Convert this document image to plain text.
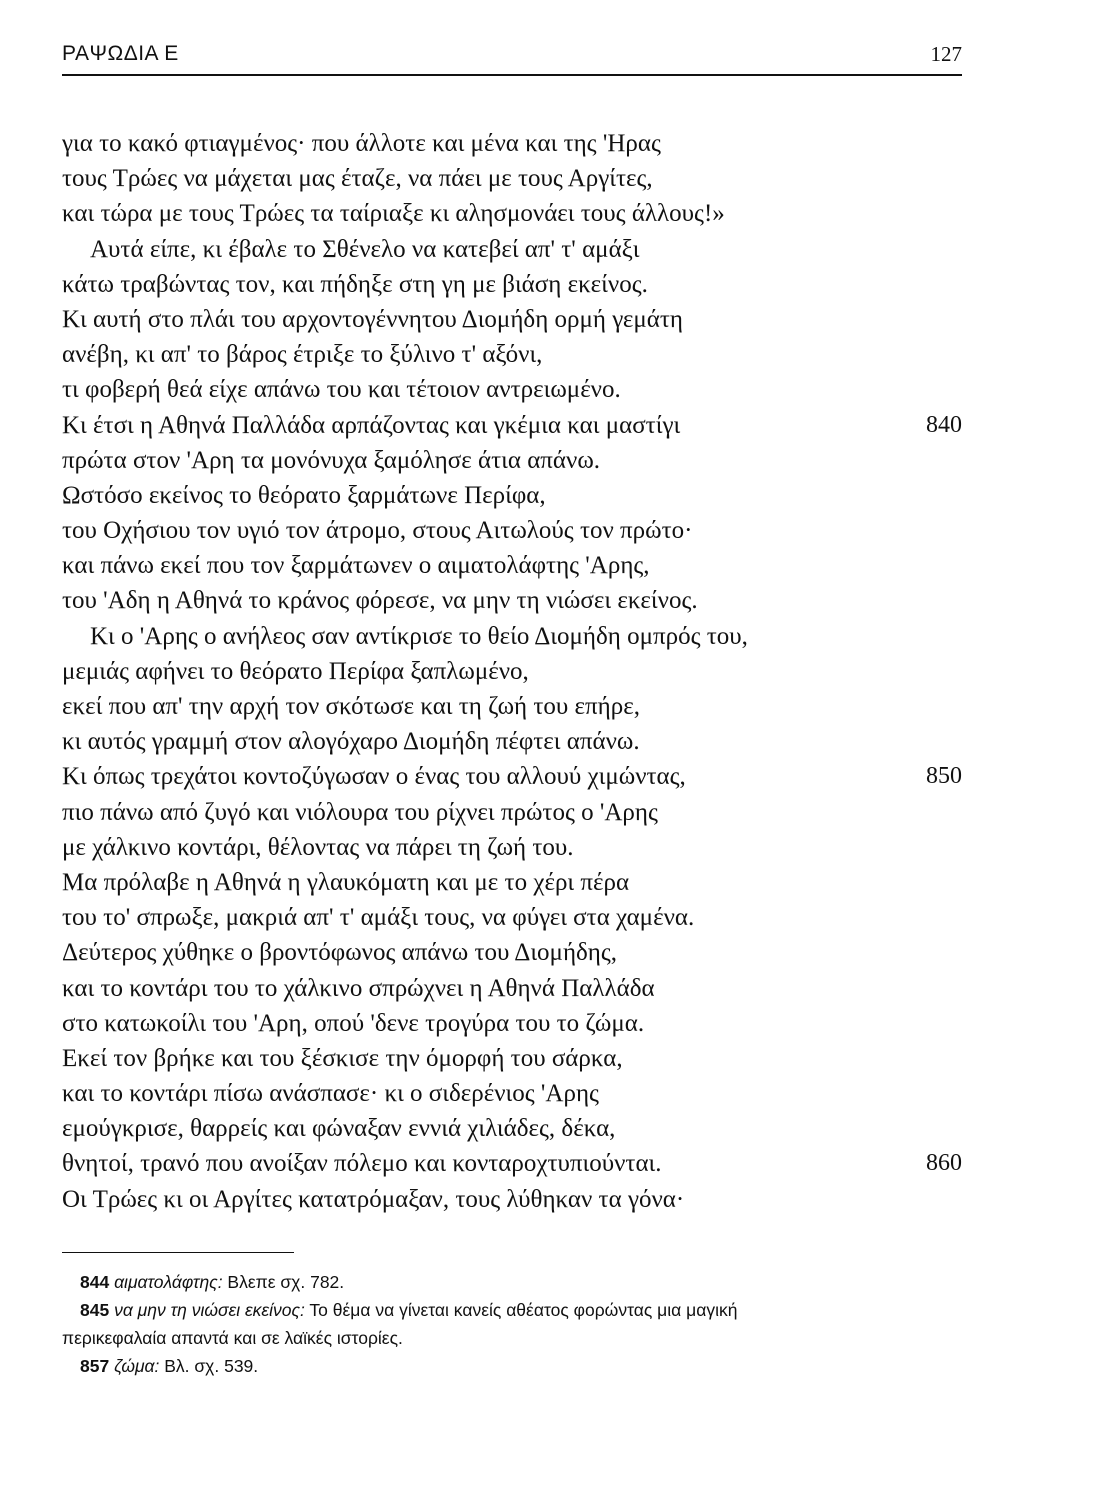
ΡΑΨΩΔΙΑ Ε	127
για το κακό φτιαγμένος· που άλλοτε και μένα και της 'Ηρας
τους Τρώες να μάχεται μας έταζε, να πάει με τους Αργίτες,
και τώρα με τους Τρώες τα ταίριαξε κι αλησμονάει τους άλλους!»
Αυτά είπε, κι έβαλε το Σθένελο να κατεβεί απ' τ' αμάξι
κάτω τραβώντας τον, και πήδηξε στη γη με βιάση εκείνος.
Κι αυτή στο πλάι του αρχοντογέννητου Διομήδη ορμή γεμάτη
ανέβη, κι απ' το βάρος έτριξε το ξύλινο τ' αξόνι,
τι φοβερή θεά είχε απάνω του και τέτοιον αντρειωμένο.
Κι έτσι η Αθηνά Παλλάδα αρπάζοντας και γκέμια και μαστίγι	840
πρώτα στον 'Αρη τα μονόνυχα ξαμόλησε άτια απάνω.
Ωστόσο εκείνος το θεόρατο ξαρμάτωνε Περίφα,
του Οχήσιου τον υγιό τον άτρομο, στους Αιτωλούς τον πρώτο·
και πάνω εκεί που τον ξαρμάτωνεν ο αιματολάφτης 'Αρης,
του 'Αδη η Αθηνά το κράνος φόρεσε, να μην τη νιώσει εκείνος.
Κι ο 'Αρης ο ανήλεος σαν αντίκρισε το θείο Διομήδη ομπρός του,
μεμιάς αφήνει το θεόρατο Περίφα ξαπλωμένο,
εκεί που απ' την αρχή τον σκότωσε και τη ζωή του επήρε,
κι αυτός γραμμή στον αλογόχαρο Διομήδη πέφτει απάνω.
Κι όπως τρεχάτοι κοντοζύγωσαν ο ένας του αλλουύ χιμώντας,	850
πιο πάνω από ζυγό και νιόλουρα του ρίχνει πρώτος ο 'Αρης
με χάλκινο κοντάρι, θέλοντας να πάρει τη ζωή του.
Μα πρόλαβε η Αθηνά η γλαυκόματη και με το χέρι πέρα
του το' σπρωξε, μακριά απ' τ' αμάξι τους, να φύγει στα χαμένα.
Δεύτερος χύθηκε ο βροντόφωνος απάνω του Διομήδης,
και το κοντάρι του το χάλκινο σπρώχνει η Αθηνά Παλλάδα
στο κατωκοίλι του 'Αρη, οπού 'δενε τρογύρα του το ζώμα.
Εκεί τον βρήκε και του ξέσκισε την όμορφή του σάρκα,
και το κοντάρι πίσω ανάσπασε· κι ο σιδερένιος 'Αρης
εμούγκρισε, θαρρείς και φώναξαν εννιά χιλιάδες, δέκα,
θνητοί, τρανό που ανοίξαν πόλεμο και κονταροχτυπιούνται.	860
Οι Τρώες κι οι Αργίτες κατατρόμαξαν, τους λύθηκαν τα γόνα·
844 αιματολάφτης: Βλεπε σχ. 782.
845 να μην τη νιώσει εκείνος: Το θέμα να γίνεται κανείς αθέατος φορώντας μια μαγική
περικεφαλαία απαντά και σε λαϊκές ιστορίες.
857 ζώμα: Βλ. σχ. 539.
